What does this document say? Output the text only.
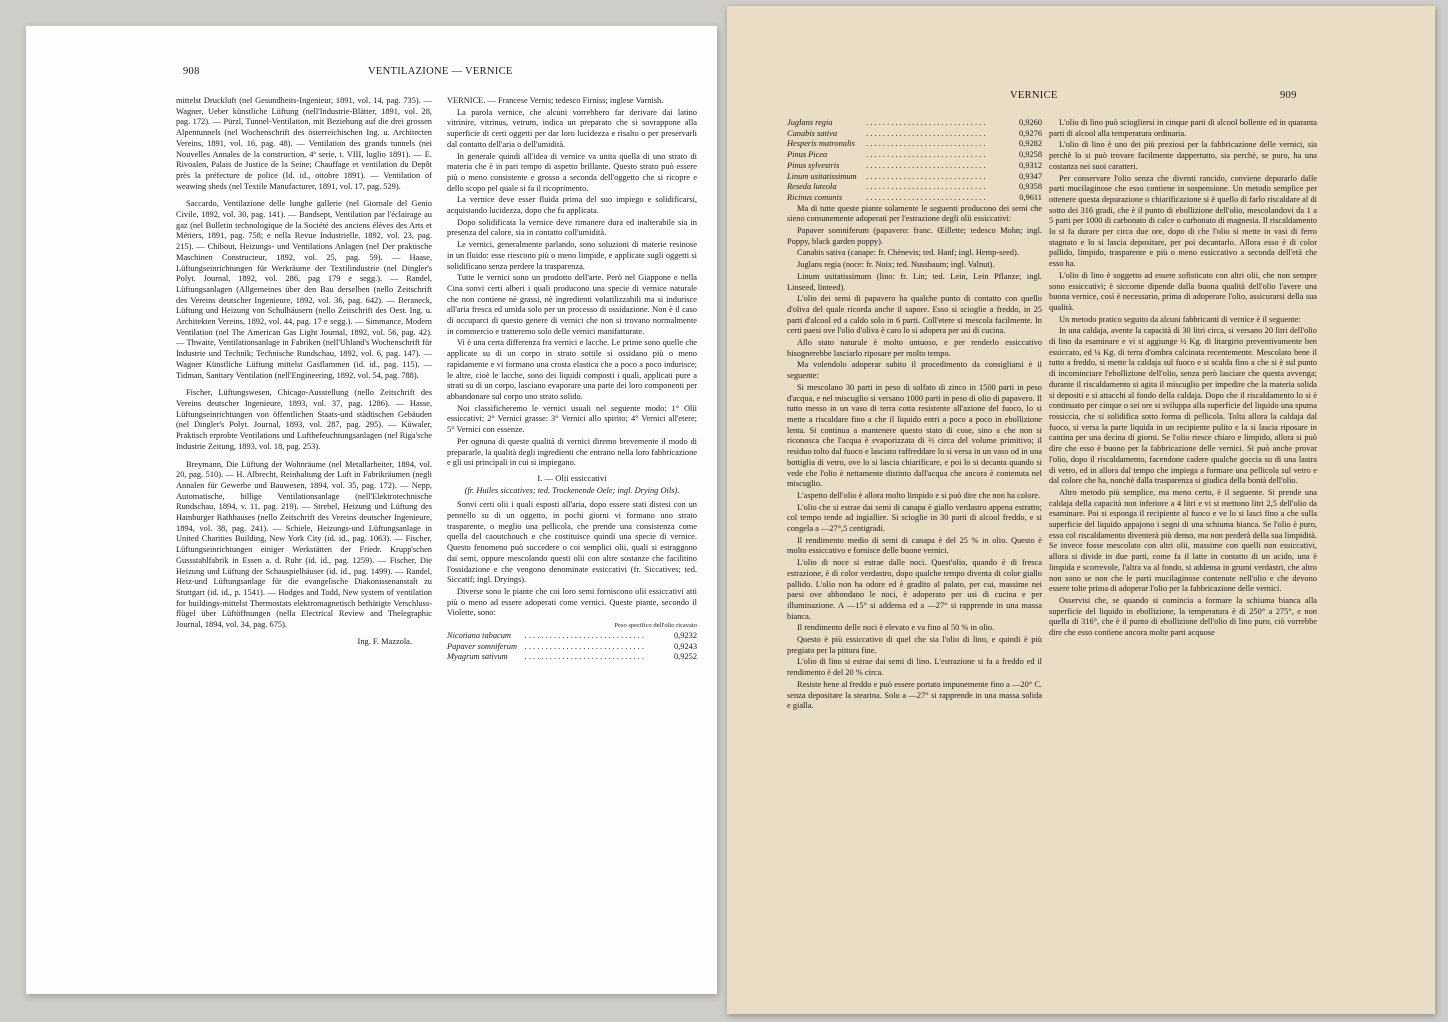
908	VENTILAZIONE — VERNICE

mittelst Druckluft (nel Gesundheits-Ingenieur, 1891, vol. 14, pag. 735). — Wagner, Ueber künstliche Lüftung (nell'Industrie-Blätter, 1891, vol. 28, pag. 172). — Pürzl, Tunnel-Ventilation, mit Beziehung auf die drei grossen Alpentunnels (nel Wochenschrift des österreichischen Ing. u. Architecten Vereins, 1891, vol. 16, pag. 48). — Ventilation des grands tunnels (nei Nouvelles Annales de la construction, 4ª serie, t. VIII, luglio 1891). — E. Rivoalen, Palais de Justice de la Seine; Chauffage et ventilation du Depôt près la préfecture de police (Id. id., ottobre 1891). — Ventilation of weawing sheds (nel Textile Manufacturer, 1891, vol. 17, pag. 529).

Saccardo, Ventilazione delle lunghe gallerie (nel Giornale del Genio Civile, 1892, vol. 30, pag. 141). — Bandsept, Ventilation par l'éclairage au gaz (nel Bulletin technologique de la Société des anciens élèves des Arts et Métiers, 1891, pag. 758; e nella Revue Industrielle, 1892, vol. 23, pag. 215). — Chibout, Heizungs- und Ventilations Anlagen (nel Der praktische Maschinen Constructeur, 1892, vol. 25, pag. 59). — Haase, Lüftungseinrichtungen für Werkräume der Textilindustrie (nel Dingler's Polyt. Journal, 1892, vol. 286, pag 179 e segg.). — Randel, Lüftungsanlagen (Allgemeines über den Bau derselben (nello Zeitschrift des Vereins deutscher Ingenieure, 1892, vol. 36, pag. 642). — Beraneck, Lüftung und Heizung von Schulhäusern (nello Zeitschrift des Oest. Ing. u. Architekten Vereins, 1892, vol. 44, pag. 17 e segg.). — Simmance, Modern Ventilation (nel The American Gas Light Journal, 1892, vol. 56, pag. 42). — Thwaite, Ventilationsanlage in Fabriken (nell'Uhland's Wochenschrift für Industrie und Technik; Technische Rundschau, 1892, vol. 6, pag. 147). — Wagner Künstliche Lüftung mittelst Gasflammen (id. id., pag. 115). — Tidman, Sanitary Ventilation (nell'Engineering, 1892, vol. 54, pag. 788).

Fischer, Lüftungswesen, Chicago-Ausstellung (nello Zeitschrift des Vereins deutscher Ingenieure, 1893, vol. 37, pag. 1286). — Hasse, Lüftungseinrichtungen von öffentlichen Staats-und städtischen Gebäuden (nel Dingler's Polyt. Journal, 1893, vol. 287, pag. 295). — Küwaler, Praktisch erprobte Ventilations und Luftbefeuchtungsanlagen (nel Riga'sche Industrie Zeitung, 1893, vol. 18, pag. 253).

Breymann, Die Lüftung der Wohnräume (nel Metallarbeiter, 1894, vol. 20, pag. 510). — H. Albrecht, Reinhaltung der Luft in Fabrikräumen (negli Annalen für Gewerbe und Bauwesen, 1894, vol. 35, pag. 172). — Nepp, Automatische, billige Ventilationsanlage (nell'Elektrotechnische Rundschau, 1894, v. 11, pag. 219). — Strebel, Heizung und Lüftung des Hamburger Rathhauses (nello Zeitschrift des Vereins deutscher Ingenieure, 1894, vol. 38, pag. 241). — Schiele, Heizungs-und Lüftungsanlage in United Charities Building, New York City (id. id., pag. 1063). — Fischer, Lüftungseinrichtungen einiger Werkstätten der Friedr. Krupp'schen Gussstahlfabrik in Essen a. d. Ruhr (id. id., pag. 1259). — Fischer, Die Heizung und Lüftung der Schauspielhäuser (id. id., pag. 1499). — Randel, Heiz-und Lüftungsanlage für die evangelische Diakonissenanstalt zu Stuttgart (id. id., p. 1541). — Hodges and Todd, New system of ventilation for buildings-mittelst Thermostats elektromagnetisch bethätigte Verschluss-flügel über Lüftöffnungen (nella Electrical Review and Thelegraphic Journal, 1894, vol. 34, pag. 675).

Ing. F. Mazzola.

VERNICE. — Francese Vernis; tedesco Firniss; inglese Varnish.

La parola vernice, che alcuni vorrebbero far derivare dai latino vitrinire, vitrinus, vetrum, indica un preparato che si sovrappone alla superficie di certi oggetti per dar loro lucidezza e risalto o per preservarli dal contatto dell'aria o dell'umidità.

In generale quindi all'idea di vernice va unita quella di uno strato di materia che è in pari tempo di aspetto brillante. Questo strato può essere più o meno consistente e grosso a seconda dell'oggetto che si ricopre e dello scopo pel quale si fa il ricoprimento.

La vernice deve esser fluida prima del suo impiego e solidificarsi, acquistando lucidezza, dopo che fu applicata.

Dopo solidificata la vernice deve rimanere dura ed inalterabile sia in presenza del calore, sia in contatto coll'umidità.

Le vernici, generalmente parlando, sono soluzioni di materie resinose in un fluido: esse riescono più o meno limpide, e applicate sugli oggetti si solidificano senza perdere la trasparenza.

Tutte le vernici sono un prodotto dell'arte. Però nel Giappone e nella Cina sonvi certi alberi i quali producono una specie di vernice naturale che non contiene nè grassi, nè ingredienti volatilizzabili ma si indurisce all'aria fresca ed umida solo per un processo di ossidazione. Non è il caso di occuparci di questo genere di vernici che non si trovano normalmente in commercio e tratteremo solo delle vernici manifatturate.

Vi è una certa differenza fra vernici e lacche. Le prime sono quelle che applicate su di un corpo in strato sottile si ossidano più o meno rapidamente e vi formano una crosta elastica che a poco a poco indurisce; le altre, cioè le lacche, sono dei liquidi composti i quali, applicati pure a strati su di un corpo, lasciano evaporare una parte dei loro componenti per abbandonare sul corpo uno strato solido.

Noi classificheremo le vernici usuali nel seguente modo: 1° Olii essiccativi; 2° Vernici grasse: 3° Vernici allo spirito; 4° Vernici all'etere; 5° Vernici con essenze.

Per ognuna di queste qualità di vernici diremo brevemente il modo di prepararle, la qualità degli ingredienti che entrano nella loro fabbricazione e gli usi principali in cui si impiegano.

I. — Olii essiccativi
(fr. Huiles siccatives; ted. Trockenende Oele; ingl. Drying Oils).

Sonvi certi olii i quali esposti all'aria, dopo essere stati distesi con un pennello su di un oggetto, in pochi giorni vi formano uno strato trasparente, o meglio una pellicola, che prende una consistenza come quella del caoutchouch e che costituisce quindi una specie di vernice. Questo fenomeno può succedere o coi semplici olii, quali si estraggono dai semi, oppure mescolando questi olii con altre sostanze che facilitino l'ossidazione e che vengono denominate essiccativi (fr. Siccatives; ted. Siccatif; ingl. Dryings).

Diverse sono le piante che coi loro semi forniscono olii essiccativi atti più o meno ad essere adoperati come vernici. Queste piante, secondo il Violette, sono:

Peso specifico dell'olio ricavato
Nicotiana tabacum	. . .	0,9232
Papaver somniferum	. . .	0,9243
Myagrum sativum	. . .	0,9252
VERNICE	909
Juglans regia	. . .	0,9260
Canabis sativa	. . .	0,9276
Hesperis matronalis	. . .	0,9282
Pinus Picea	. . .	0,9258
Pinus sylvestris	. . .	0,9312
Linum usitatissimum	. . .	0,9347
Reseda luteola	. . .	0,9358
Ricinus comunis	. . .	0,9611

Ma di tutte queste piante solamente le seguenti producono dei semi che sieno comunemente adoperati per l'estrazione degli olii essiccativi:

Papaver somniferum (papavero: franc. Œillette; tedesco Mohn; ingl. Poppy, black garden poppy).

Canabis sativa (canape: fr. Chènevis; ted. Hanf; ingl. Hemp-seed).

Juglans regia (noce: fr. Noix; ted. Nussbaum; ingl. Valnut).

Linum usitatissimum (lino: fr. Lin; ted. Lein, Lein Pflanze; ingl. Linseed, linteed).

L'olio dei semi di papavero ha qualche punto di contatto con quello d'oliva del quale ricorda anche il sapore. Esso si scioglie a freddo, in 25 parti d'alcool ed a caldo solo in 6 parti. Coll'etere si mescola facilmente. In certi paesi ove l'olio d'oliva è caro lo si adopera per usi di cucina.

Allo stato naturale è molto untuoso, e per renderlo essiccativo bisognerebbe lasciarlo riposare per molto tempo.

Ma volendolo adoperar subito il procedimento da consigliarsi è il seguente:

Si mescolano 30 parti in peso di solfato di zinco in 1500 parti in peso d'acqua, e nel miscuglio si versano 1000 parti in peso di olio di papavero. Il tutto messo in un vaso di terra cotta resistente all'azione del fuoco, lo si mette a riscaldare fino a che il liquido entri a poco a poco in ebollizione lenta. Si continua a mantenere questo stato di cose, sino a che non si riconosca che l'acqua è evaporizzata di ⅔ circa del volume primitivo; il residuo tolto dal fuoco e lasciato raffreddare lo si versa in un vaso od in una bottiglia di vetro, ove lo si lascia chiarificare, e poi lo si decanta quando si vede che l'olio è nettamente distinto dall'acqua che ancora è contenuta nel miscuglio.

L'aspetto dell'olio è allora molto limpido e si può dire che non ha colore.

L'olio che si estrae dai semi di canapa è giallo verdastro appena estratto; col tempo tende ad ingiallire. Si scioglie in 30 parti di alcool freddo, e si congela a —27°,5 centigradi.

Il rendimento medio di semi di canapa è del 25 % in olio. Questo è molto essiccativo e fornisce delle buone vernici.

L'olio di noce si estrae dalle noci. Quest'olio, quando è di fresca estrazione, è di color verdastro, dopo qualche tempo diventa di color giallo pallido. L'olio non ha odore ed è gradito al palato, per cui, massime nei paesi ove abbondano le noci, è adoperato per usi di cucina e per illuminazione. A —15° si addensa ed a —27° si rapprende in una massa bianca.

Il rendimento delle noci è elevato e va fino al 50 % in olio.

Questo è più essiccativo di quel che sia l'olio di lino, e quindi è più pregiato per la pittura fine.

L'olio di lino si estrae dai semi di lino. L'estrazione si fa a freddo ed il rendimento è del 20 % circa.

Resiste bene al freddo e può essere portato impunemente fino a —20° C. senza depositare la stearina. Solo a —27° si rapprende in una massa solida e gialla.

L'olio di lino può sciogliersi in cinque parti di alcool bollente ed in quaranta parti di alcool alla temperatura ordinaria.

L'olio di lino è uno dei più preziosi per la fabbricazione delle vernici, sia perchè lo si può trovare facilmente dappertutto, sia perchè, se puro, ha una costanza nei suoi caratteri.

Per conservare l'olio senza che diventi rancido, conviene depurarlo dalle parti mucilaginose che esso contiene in sospensione. Un metodo semplice per ottenere questa depurazione o chiarificazione si è quello di farlo riscaldare al di sotto dei 316 gradi, che è il punto di ebollizione dell'olio, mescolandovi da 1 a 5 parti per 1000 di carbonato di calce o carbonato di magnesia. Il riscaldamento lo si fa durare per circa due ore, dopo di che l'olio si mette in vasi di ferro stagnato e lo si lascia depositare, per poi decantarlo. Allora esso è di color pallido, limpido, trasparente e più o meno essiccativo a seconda dell'età che esso ha.

L'olio di lino è soggetto ad essere sofisticato con altri olii, che non sempre sono essiccativi; è siccome dipende dalla buona qualità dell'olio l'avere una buona vernice, così è necessario, prima di adoperare l'olio, assicurarsi della sua qualità.

Un metodo pratico seguito da alcuni fabbricanti di vernice è il seguente:

In una caldaja, avente la capacità di 30 litri circa, si versano 20 litri dell'olio di lino da esaminare e vi si aggiunge ½ Kg. di litargirio preventivamente ben essiccato, ed ¼ Kg. di terra d'ombra calcinata recentemente. Mescolato bene il tutto a freddo, si mette la caldaja sul fuoco e si scalda fino a che si è sul punto di incominciare l'ebollizione dell'olio, senza però lasciare che questa avvenga; durante il riscaldamento si agita il miscuglio per impedire che la materia solida si depositi e si attacchi al fondo della caldaja. Dopo che il riscaldamento lo si è continuato per cinque o sei ore si sviluppa alla superficie del liquido una spuma rossiccia, che si solidifica sotto forma di pellicola. Tolta allora la caldaja dal fuoco, si versa la parte liquida in un recipiente pulito e la si lascia riposare in cantina per una decina di giorni. Se l'olio riesce chiaro e limpido, allora si può dire che esso è buono per la fabbricazione delle vernici. Si può anche provar l'olio, dopo il riscaldamento, facendone cadere qualche goccia su di una lastra di vetro, ed in allora dal tempo che impiega a formare una pellicola sul vetro e dal colore che ha, nonchè dalla trasparenza si giudica della bontà dell'olio.

Altro metodo più semplice, ma meno certo, è il seguente. Si prende una caldaja della capacità non inferiore a 4 litri e vi si mettono litri 2,5 dell'olio da esaminare. Poi si esponga il recipiente al fuoco e ve lo si lasci fino a che sulla superficie del liquido appajono i segni di una schiuma bianca. Se l'olio è puro, esso col riscaldamento diventerà più denso, ma non perderà della sua limpidità. Se invece fosse mescolato con altri olii, massime con quelli non essiccativi, allora si divide in due parti, come fa il latte in contatto di un acido, una è limpida e scorrevole, l'altra va al fondo, si addensa in grumi verdastri, che altro non sono se non che le parti mucilaginose contenute nell'olio e che devono essere tolte prima di adoperar l'olio per la fabbricazione delle vernici.

Osservisi che, se quando si comincia a formare la schiuma bianca alla superficie del liquido in ebollizione, la temperatura è di 250° a 275°, e non quella di 316°, che è il punto di ebollizione dell'olio di lino puro, ciò vorrebbe dire che esso contiene ancora molte parti acquose
